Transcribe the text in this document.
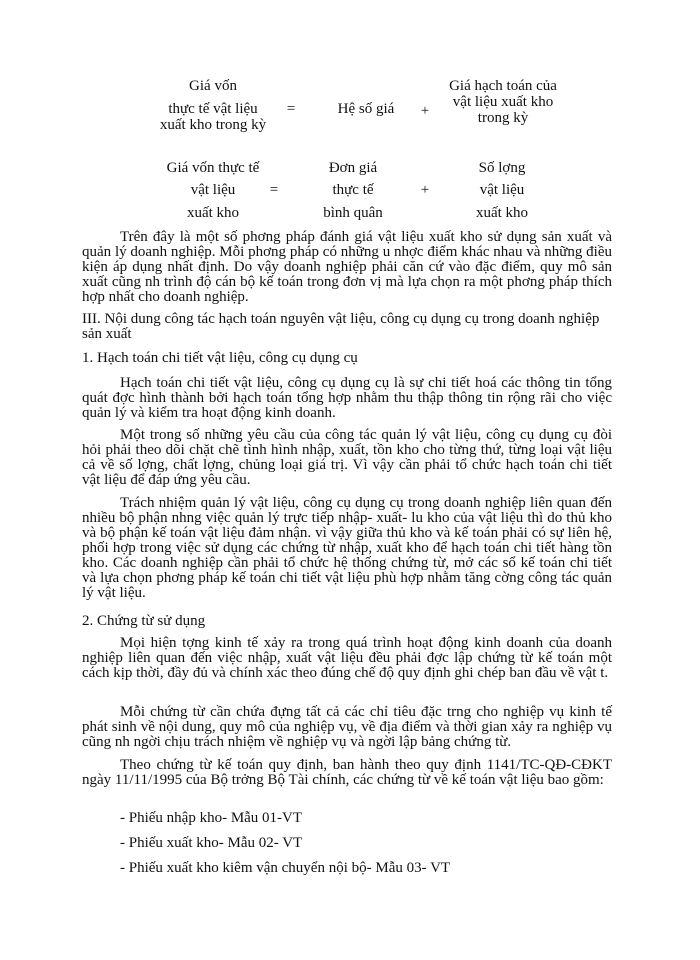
Giá vốn
thực tế vật liệu
xuất kho trong kỳ
=	Hệ số giá +
Giá hạch toán của
vật liệu xuất kho
trong kỳ
Giá vốn thực tế
vật liệu
xuất kho
=
Đơn giá
thực tế
bình quân
+
Số lợng
vật liệu
xuất kho
Trên đây là một số phơng pháp đánh giá vật liệu xuất kho sử dụng sản xuất và quản lý doanh nghiệp. Mỗi phơng pháp có những u nhợc điểm khác nhau và những điều kiện áp dụng nhất định. Do vậy doanh nghiệp phải căn cứ vào đặc điểm, quy mô sản xuất cũng nh trình độ cán bộ kế toán trong đơn vị mà lựa chọn ra một phơng pháp thích hợp nhất cho doanh nghiệp.
III. Nội dung công tác hạch toán nguyên vật liệu, công cụ dụng cụ trong doanh nghiệp sản xuất
1. Hạch toán chi tiết vật liệu, công cụ dụng cụ
Hạch toán chi tiết vật liệu, công cụ dụng cụ là sự chi tiết hoá các thông tin tổng quát đợc hình thành bởi hạch toán tổng hợp nhằm thu thập thông tin rộng rãi cho việc quản lý và kiểm tra hoạt động kinh doanh.
Một trong số những yêu cầu của công tác quản lý vật liệu, công cụ dụng cụ đòi hỏi phải theo dõi chặt chẽ tình hình nhập, xuất, tồn kho cho từng thứ, từng loại vật liệu cả về số lợng, chất lợng, chủng loại giá trị. Vì vậy cần phải tổ chức hạch toán chi tiết vật liệu để đáp ứng yêu cầu.
Trách nhiệm quản lý vật liệu, công cụ dụng cụ trong doanh nghiệp liên quan đến nhiều bộ phận nhng việc quản lý trực tiếp nhập- xuất- lu kho của vật liệu thì do thủ kho và bộ phận kế toán vật liệu đảm nhận. vì vậy giữa thủ kho và kế toán phải có sự liên hệ, phối hợp trong việc sử dụng các chứng từ nhập, xuất kho để hạch toán chi tiết hàng tồn kho. Các doanh nghiệp cần phải tổ chức hệ thống chứng từ, mở các sổ kế toán chi tiết và lựa chọn phơng pháp kế toán chi tiết vật liệu phù hợp nhằm tăng cờng công tác quản lý vật liệu.
2. Chứng từ sử dụng
Mọi hiện tợng kinh tế xảy ra trong quá trình hoạt động kinh doanh của doanh nghiệp liên quan đến việc nhập, xuất vật liệu đều phải đợc lập chứng từ kế toán một cách kịp thời, đầy đủ và chính xác theo đúng chế độ quy định ghi chép ban đầu về vật t.
Mỗi chứng từ cần chứa đựng tất cả các chỉ tiêu đặc trng cho nghiệp vụ kinh tế phát sinh về nội dung, quy mô của nghiệp vụ, về địa điểm và thời gian xảy ra nghiệp vụ cũng nh ngời chịu trách nhiệm về nghiệp vụ và ngời lập bảng chứng từ.
Theo chứng từ kế toán quy định, ban hành theo quy định 1141/TC-QĐ-CĐKT ngày 11/11/1995 của Bộ trởng Bộ Tài chính, các chứng từ về kế toán vật liệu bao gồm:
- Phiếu nhập kho- Mẫu 01-VT
- Phiếu xuất kho- Mẫu 02- VT
- Phiếu xuất kho kiêm vận chuyển nội bộ- Mẫu 03- VT
